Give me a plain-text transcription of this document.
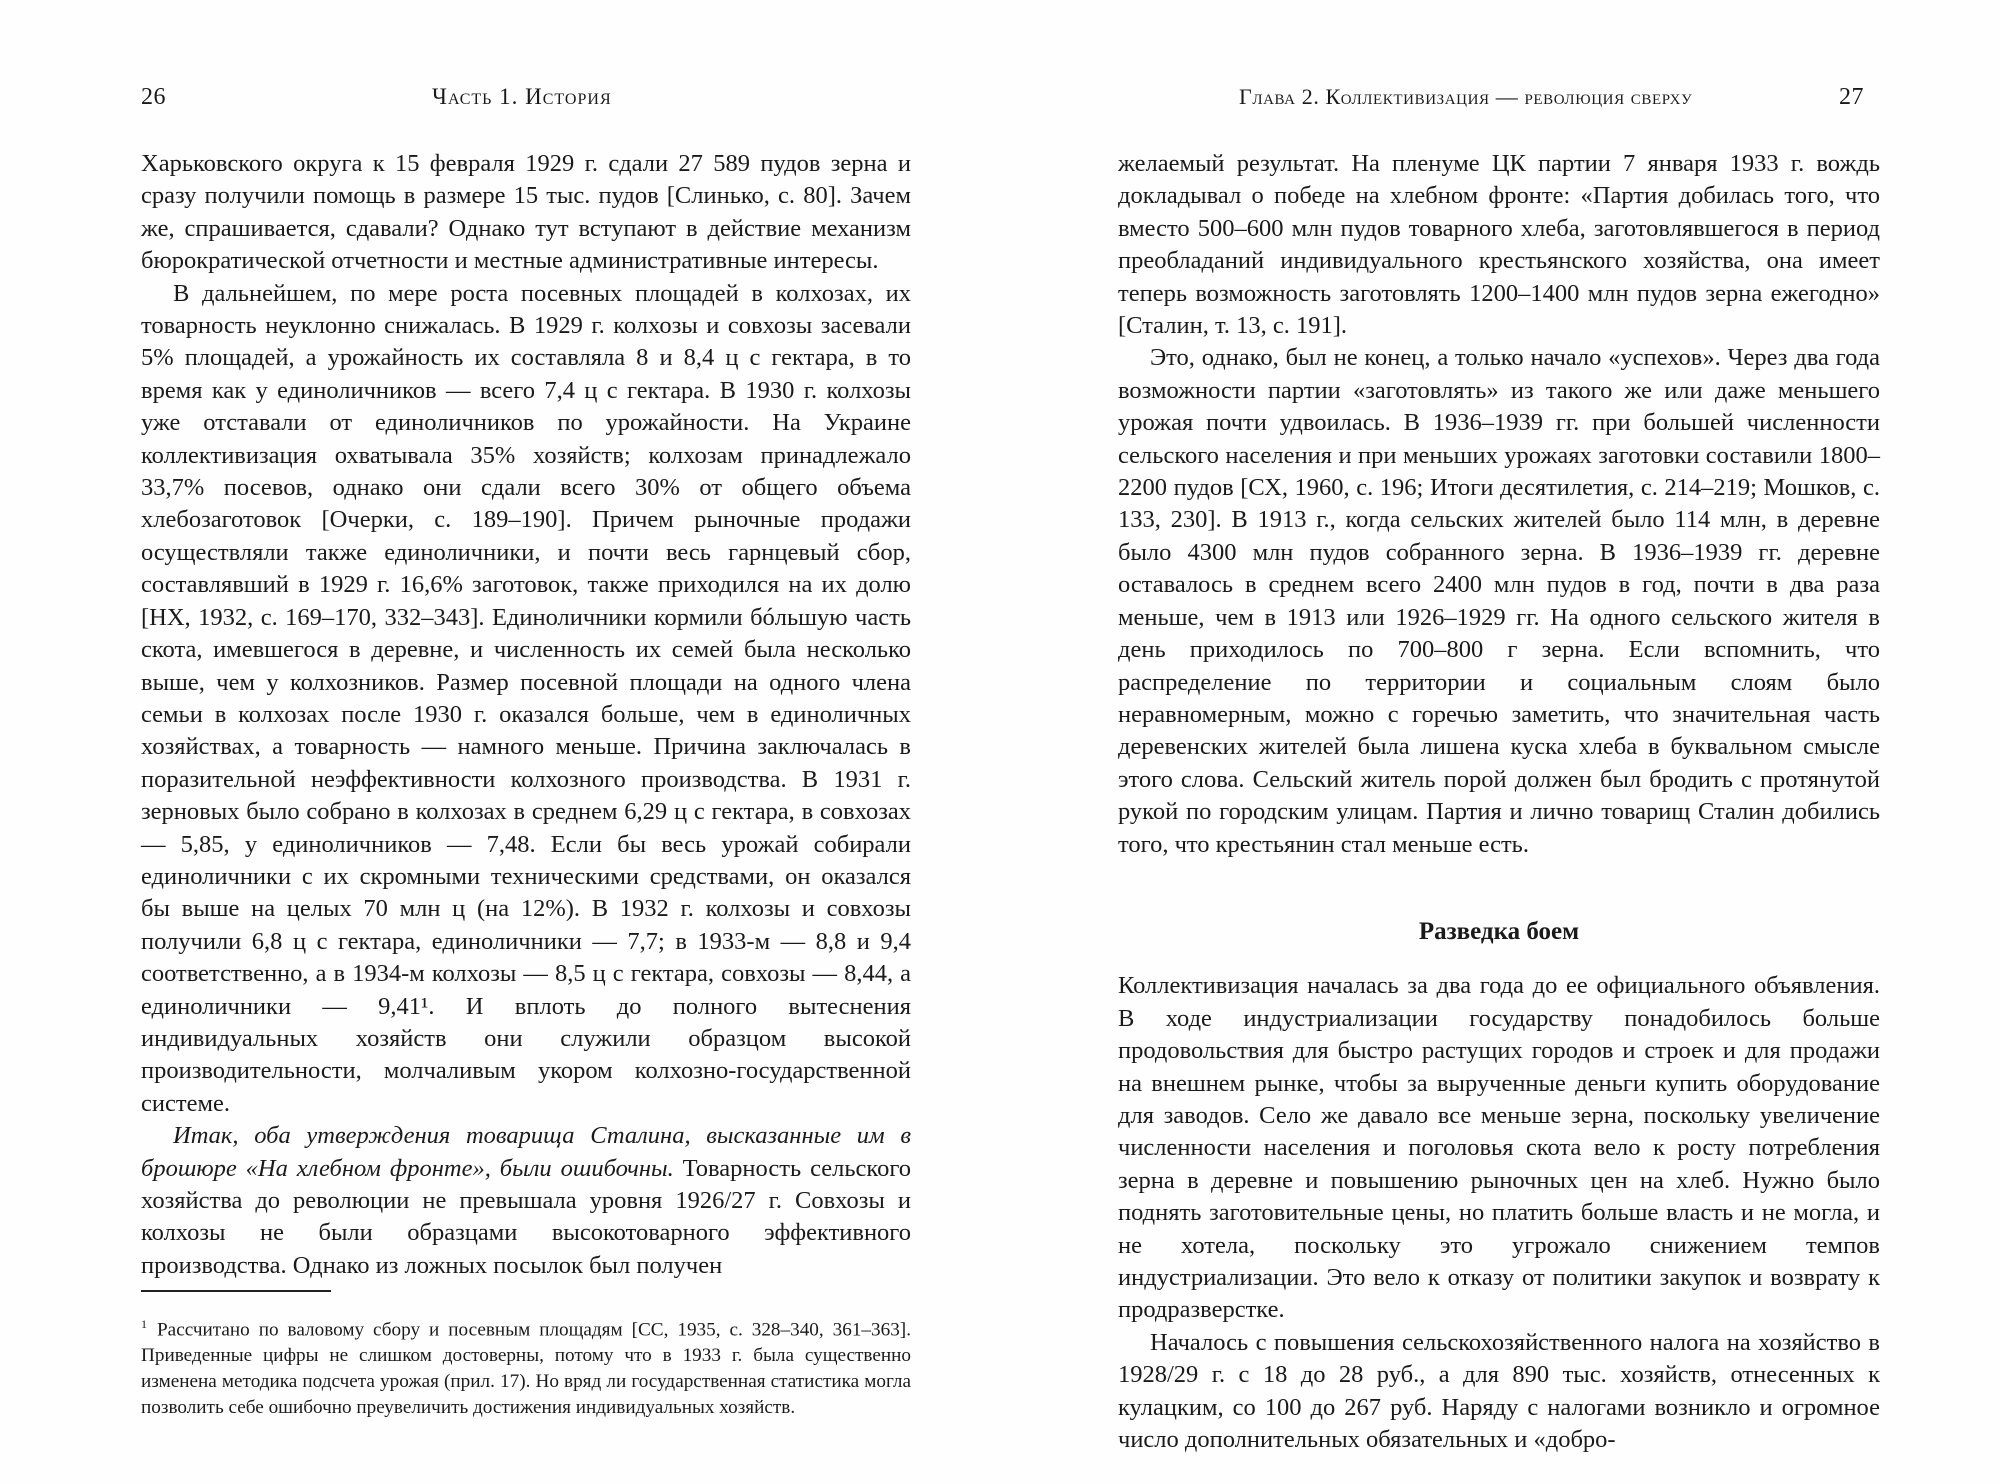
26	Часть 1. История

Харьковского округа к 15 февраля 1929 г. сдали 27 589 пудов зерна и сразу получили помощь в размере 15 тыс. пудов [Слинько, с. 80]. Зачем же, спрашивается, сдавали? Однако тут вступают в действие механизм бюрократической отчетности и местные административные интересы.

В дальнейшем, по мере роста посевных площадей в колхозах, их товарность неуклонно снижалась. В 1929 г. колхозы и совхозы засевали 5% площадей, а урожайность их составляла 8 и 8,4 ц с гектара, в то время как у единоличников — всего 7,4 ц с гектара. В 1930 г. колхозы уже отставали от единоличников по урожайности. На Украине коллективизация охватывала 35% хозяйств; колхозам принадлежало 33,7% посевов, однако они сдали всего 30% от общего объема хлебозаготовок [Очерки, с. 189–190]. Причем рыночные продажи осуществляли также единоличники, и почти весь гарнцевый сбор, составлявший в 1929 г. 16,6% заготовок, также приходился на их долю [НХ, 1932, с. 169–170, 332–343]. Единоличники кормили бóльшую часть скота, имевшегося в деревне, и численность их семей была несколько выше, чем у колхозников. Размер посевной площади на одного члена семьи в колхозах после 1930 г. оказался больше, чем в единоличных хозяйствах, а товарность — намного меньше. Причина заключалась в поразительной неэффективности колхозного производства. В 1931 г. зерновых было собрано в колхозах в среднем 6,29 ц с гектара, в совхозах — 5,85, у единоличников — 7,48. Если бы весь урожай собирали единоличники с их скромными техническими средствами, он оказался бы выше на целых 70 млн ц (на 12%). В 1932 г. колхозы и совхозы получили 6,8 ц с гектара, единоличники — 7,7; в 1933-м — 8,8 и 9,4 соответственно, а в 1934-м колхозы — 8,5 ц с гектара, совхозы — 8,44, а единоличники — 9,41¹. И вплоть до полного вытеснения индивидуальных хозяйств они служили образцом высокой производительности, молчаливым укором колхозно-государственной системе.

Итак, оба утверждения товарища Сталина, высказанные им в брошюре «На хлебном фронте», были ошибочны. Товарность сельского хозяйства до революции не превышала уровня 1926/27 г. Совхозы и колхозы не были образцами высокотоварного эффективного производства. Однако из ложных посылок был получен

$^1$ Рассчитано по валовому сбору и посевным площадям [СС, 1935, с. 328–340, 361–363]. Приведенные цифры не слишком достоверны, потому что в 1933 г. была существенно изменена методика подсчета урожая (прил. 17). Но вряд ли государственная статистика могла позволить себе ошибочно преувеличить достижения индивидуальных хозяйств.
Глава 2. Коллективизация — революция сверху	27

желаемый результат. На пленуме ЦК партии 7 января 1933 г. вождь докладывал о победе на хлебном фронте: «Партия добилась того, что вместо 500–600 млн пудов товарного хлеба, заготовлявшегося в период преобладаний индивидуального крестьянского хозяйства, она имеет теперь возможность заготовлять 1200–1400 млн пудов зерна ежегодно» [Сталин, т. 13, с. 191].

Это, однако, был не конец, а только начало «успехов». Через два года возможности партии «заготовлять» из такого же или даже меньшего урожая почти удвоилась. В 1936–1939 гг. при большей численности сельского населения и при меньших урожаях заготовки составили 1800–2200 пудов [СХ, 1960, с. 196; Итоги десятилетия, с. 214–219; Мошков, с. 133, 230]. В 1913 г., когда сельских жителей было 114 млн, в деревне было 4300 млн пудов собранного зерна. В 1936–1939 гг. деревне оставалось в среднем всего 2400 млн пудов в год, почти в два раза меньше, чем в 1913 или 1926–1929 гг. На одного сельского жителя в день приходилось по 700–800 г зерна. Если вспомнить, что распределение по территории и социальным слоям было неравномерным, можно с горечью заметить, что значительная часть деревенских жителей была лишена куска хлеба в буквальном смысле этого слова. Сельский житель порой должен был бродить с протянутой рукой по городским улицам. Партия и лично товарищ Сталин добились того, что крестьянин стал меньше есть.

Разведка боем

Коллективизация началась за два года до ее официального объявления. В ходе индустриализации государству понадобилось больше продовольствия для быстро растущих городов и строек и для продажи на внешнем рынке, чтобы за вырученные деньги купить оборудование для заводов. Село же давало все меньше зерна, поскольку увеличение численности населения и поголовья скота вело к росту потребления зерна в деревне и повышению рыночных цен на хлеб. Нужно было поднять заготовительные цены, но платить больше власть и не могла, и не хотела, поскольку это угрожало снижением темпов индустриализации. Это вело к отказу от политики закупок и возврату к продразверстке.

Началось с повышения сельскохозяйственного налога на хозяйство в 1928/29 г. с 18 до 28 руб., а для 890 тыс. хозяйств, отнесенных к кулацким, со 100 до 267 руб. Наряду с налогами возникло и огромное число дополнительных обязательных и «добро-
